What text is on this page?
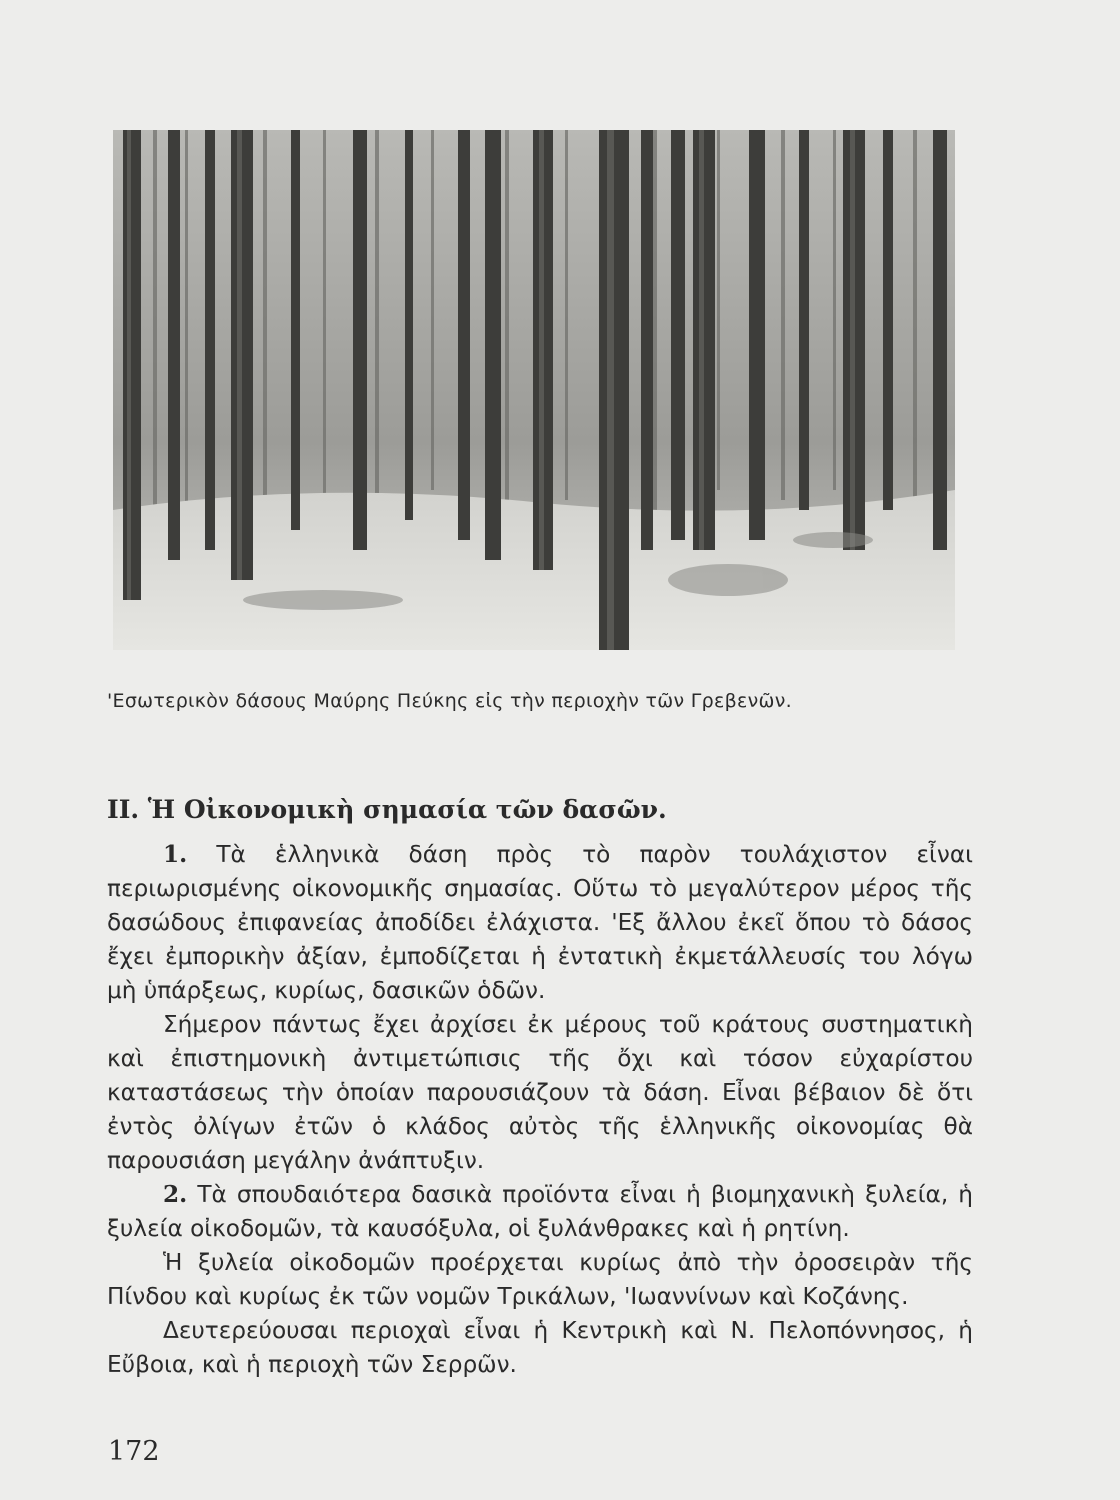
'Εσωτερικὸν δάσους Μαύρης Πεύκης εἰς τὴν περιοχὴν τῶν Γρεβενῶν.
ΙΙ. Ἡ Οἰκονομικὴ σημασία τῶν δασῶν.

1. Τὰ ἑλληνικὰ δάση πρὸς τὸ παρὸν τουλάχιστον εἶναι περιωρισμένης οἰκονομικῆς σημασίας. Οὕτω τὸ μεγαλύτερον μέρος τῆς δασώδους ἐπιφανείας ἀποδίδει ἐλάχιστα. 'Εξ ἄλλου ἐκεῖ ὅπου τὸ δάσος ἔχει ἐμπορικὴν ἀξίαν, ἐμποδίζεται ἡ ἐντατικὴ ἐκμετάλλευσίς του λόγω μὴ ὑπάρξεως, κυρίως, δασικῶν ὁδῶν.

Σήμερον πάντως ἔχει ἀρχίσει ἐκ μέρους τοῦ κράτους συστηματικὴ καὶ ἐπιστημονικὴ ἀντιμετώπισις τῆς ὄχι καὶ τόσον εὐχαρίστου καταστάσεως τὴν ὁποίαν παρουσιάζουν τὰ δάση. Εἶναι βέβαιον δὲ ὅτι ἐντὸς ὀλίγων ἐτῶν ὁ κλάδος αὐτὸς τῆς ἑλληνικῆς οἰκονομίας θὰ παρουσιάση μεγάλην ἀνάπτυξιν.

2. Τὰ σπουδαιότερα δασικὰ προϊόντα εἶναι ἡ βιομηχανικὴ ξυλεία, ἡ ξυλεία οἰκοδομῶν, τὰ καυσόξυλα, οἱ ξυλάνθρακες καὶ ἡ ρητίνη.

Ἡ ξυλεία οἰκοδομῶν προέρχεται κυρίως ἀπὸ τὴν ὀροσειρὰν τῆς Πίνδου καὶ κυρίως ἐκ τῶν νομῶν Τρικάλων, 'Ιωαννίνων καὶ Κοζάνης.

Δευτερεύουσαι περιοχαὶ εἶναι ἡ Κεντρικὴ καὶ Ν. Πελοπόννησος, ἡ Εὔβοια, καὶ ἡ περιοχὴ τῶν Σερρῶν.

172
